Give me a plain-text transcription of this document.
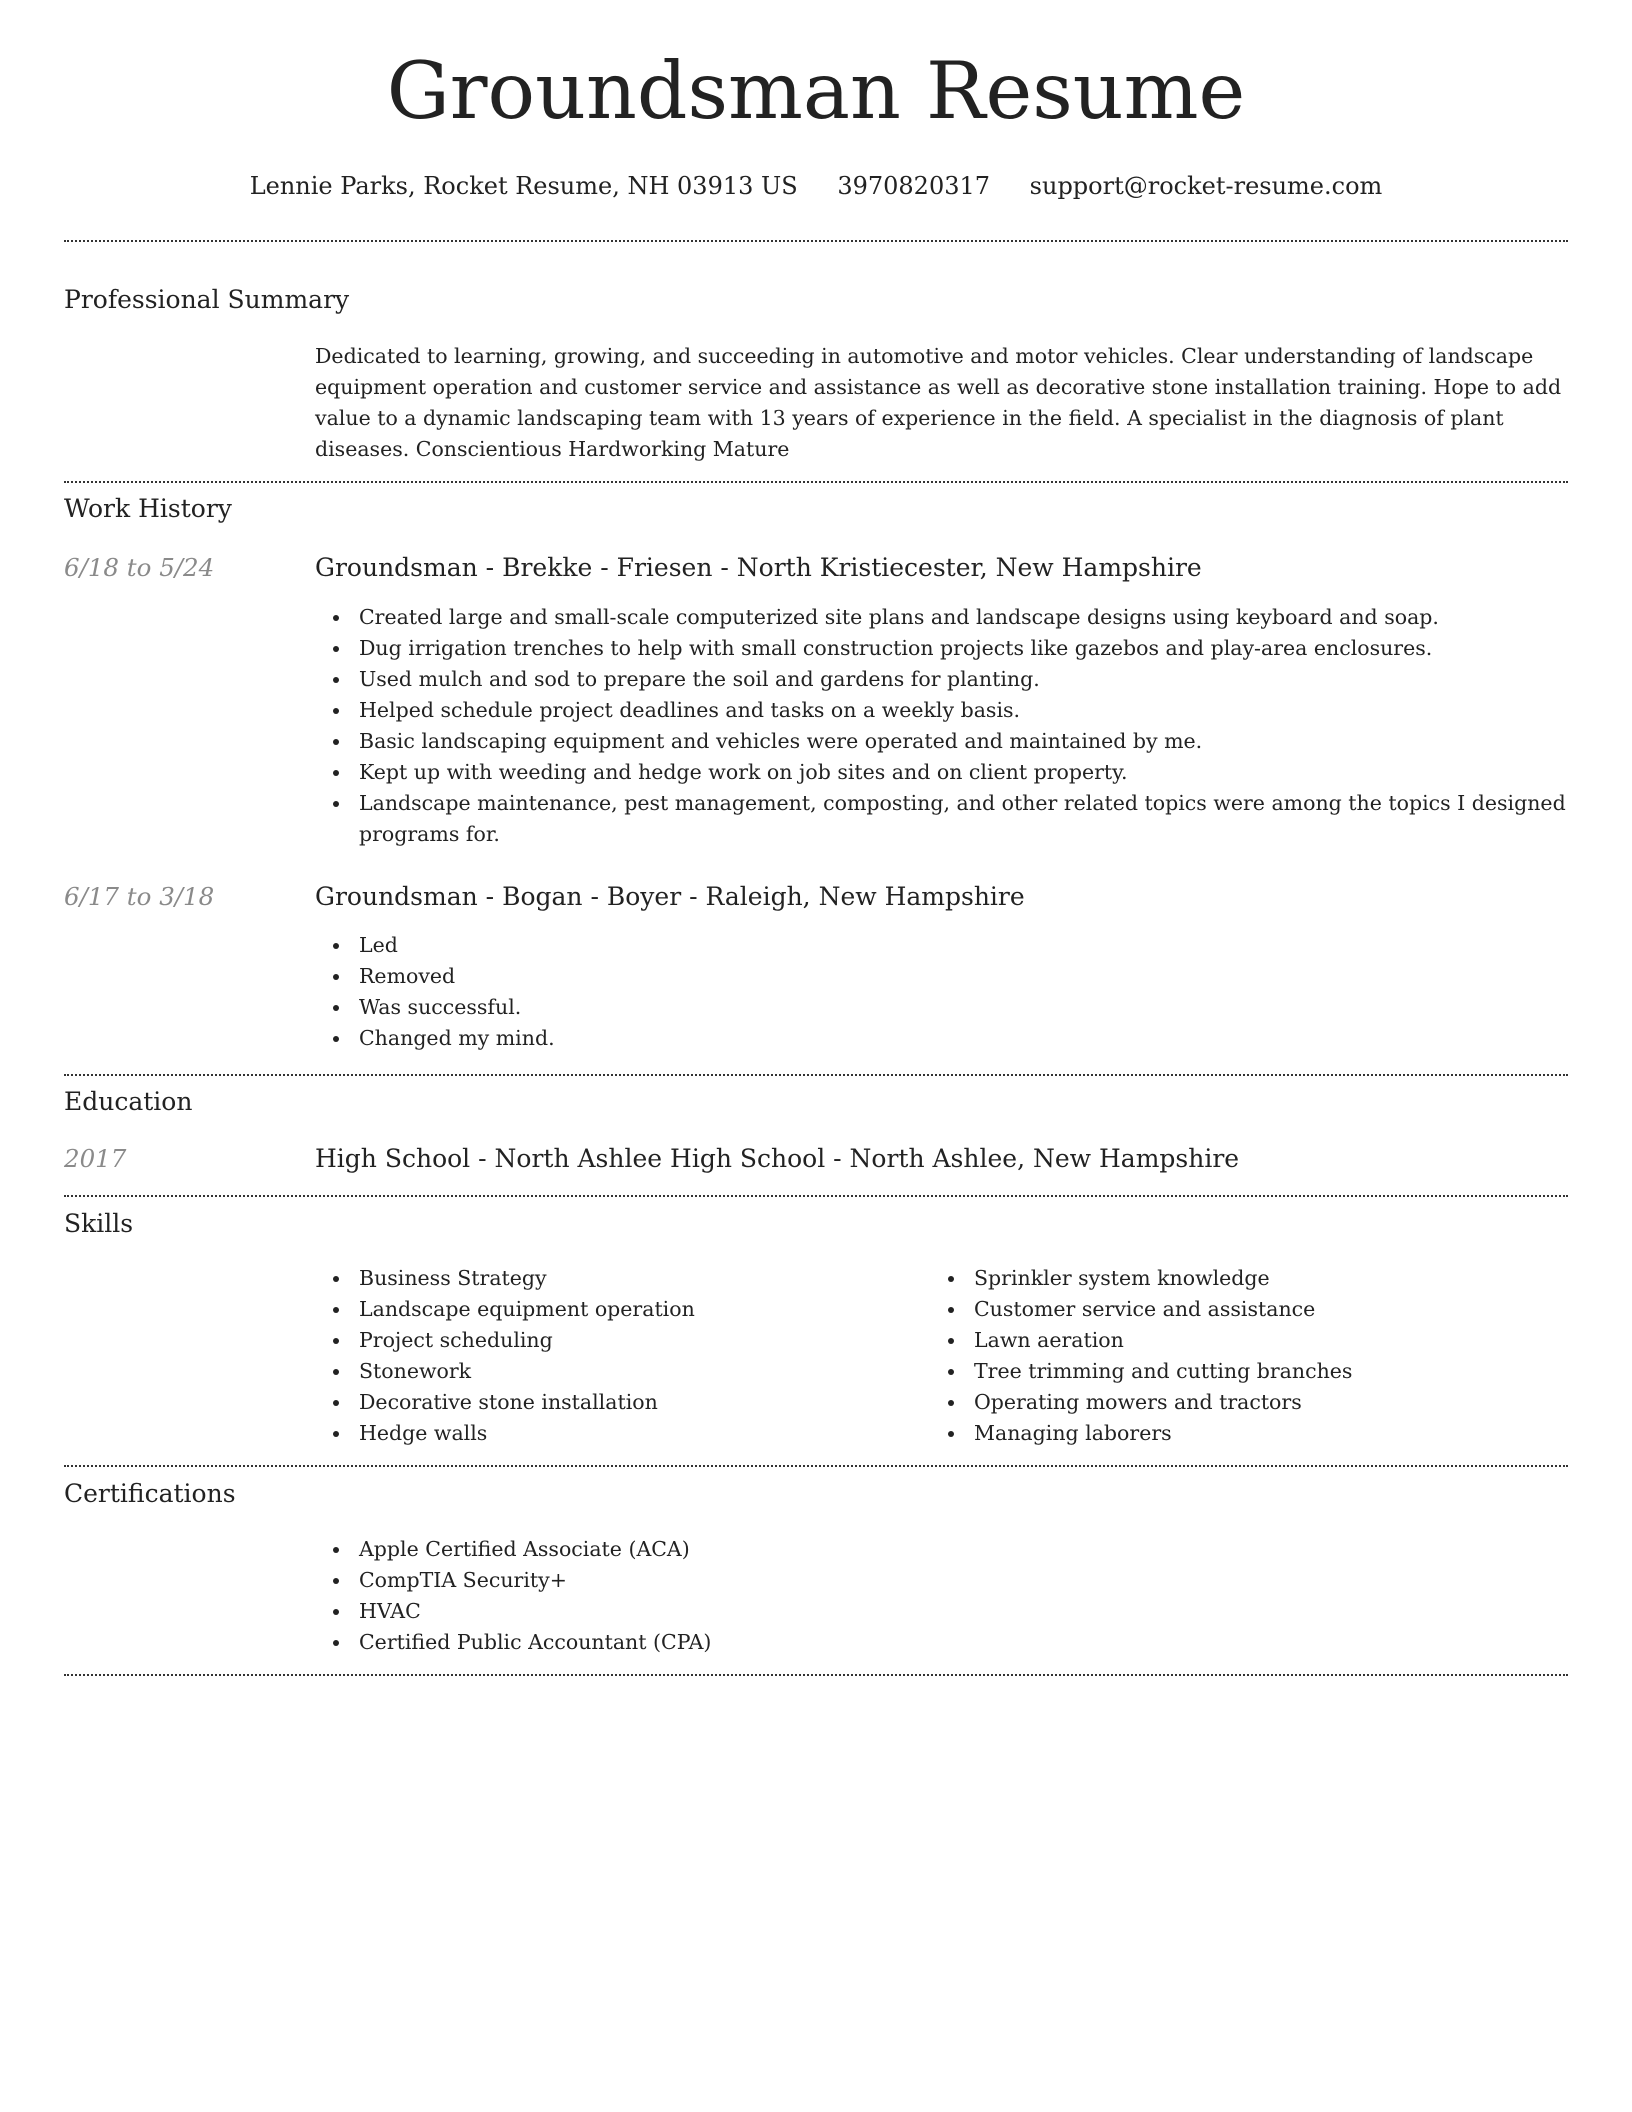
Groundsman Resume
Lennie Parks, Rocket Resume, NH 03913 US 3970820317 support@rocket-resume.com
Professional Summary

Dedicated to learning, growing, and succeeding in automotive and motor vehicles. Clear understanding of landscape equipment operation and customer service and assistance as well as decorative stone installation training. Hope to add value to a dynamic landscaping team with 13 years of experience in the field. A specialist in the diagnosis of plant diseases. Conscientious Hardworking Mature

Work History
6/18 to 5/24	Groundsman - Brekke - Friesen - North Kristiecester, New Hampshire
Created large and small-scale computerized site plans and landscape designs using keyboard and soap.
Dug irrigation trenches to help with small construction projects like gazebos and play-area enclosures.
Used mulch and sod to prepare the soil and gardens for planting.
Helped schedule project deadlines and tasks on a weekly basis.
Basic landscaping equipment and vehicles were operated and maintained by me.
Kept up with weeding and hedge work on job sites and on client property.
Landscape maintenance, pest management, composting, and other related topics were among the topics I designed programs for.
6/17 to 3/18	Groundsman - Bogan - Boyer - Raleigh, New Hampshire
Led
Removed
Was successful.
Changed my mind.
Education
2017	High School - North Ashlee High School - North Ashlee, New Hampshire
Skills
Business Strategy
Landscape equipment operation
Project scheduling
Stonework
Decorative stone installation
Hedge walls
Sprinkler system knowledge
Customer service and assistance
Lawn aeration
Tree trimming and cutting branches
Operating mowers and tractors
Managing laborers
Certifications
Apple Certified Associate (ACA)
CompTIA Security+
HVAC
Certified Public Accountant (CPA)
